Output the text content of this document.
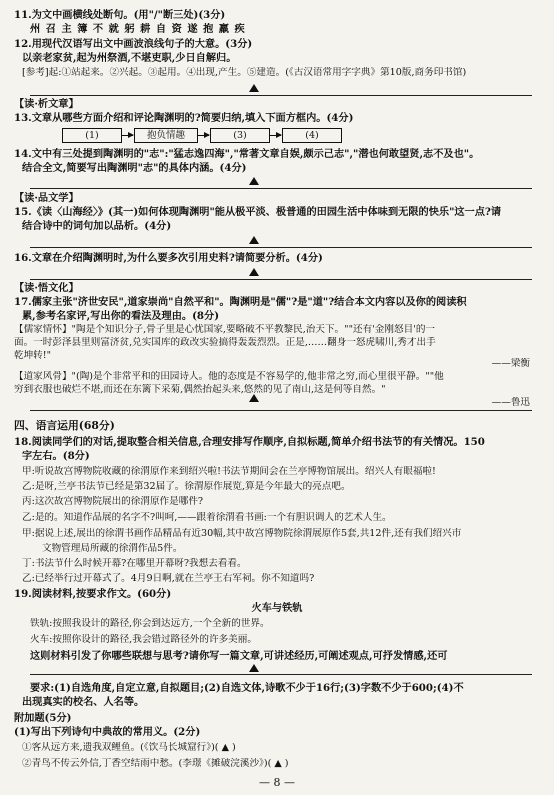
11.为文中画横线处断句。(用"/"断三处)(3分)
州 召 主 簿 不 就 躬 耕 自 资 遂 抱 羸 疾
12.用现代汉语写出文中画波浪线句子的大意。(3分)
以亲老家贫,起为州祭酒,不堪吏职,少日自解归。
[参考]起:①站起来。②兴起。③起用。④出现,产生。⑤建造。(《古汉语常用字字典》第10版,商务印书馆)
【读·析文章】
13.文章从哪些方面介绍和评论陶渊明的?简要归纳,填入下面方框内。(4分)
(1)	抱负情趣	(3)	(4)
14.文中有三处提到陶渊明的"志":"猛志逸四海","常著文章自娱,颇示己志","潜也何敢望贤,志不及也"。
结合全文,简要写出陶渊明"志"的具体内涵。(4分)
【读·品文学】
15.《读〈山海经〉》(其一)如何体现陶渊明"能从极平淡、极普通的田园生活中体味到无限的快乐"这一点?请
结合诗中的词句加以品析。(4分)
16.文章在介绍陶渊明时,为什么要多次引用史料?请简要分析。(4分)
【读·悟文化】
17.儒家主张"济世安民",道家崇尚"自然平和"。陶渊明是"儒"?是"道"?结合本文内容以及你的阅读积
累,参考名家评,写出你的看法及理由。(8分)
【儒家情怀】"陶是个知识分子,骨子里是心忧国家,要略破不平教黎民,治天下。""还有'金刚怒目'的一
面。一时彭泽县里则富济贫,兑实国库的政改实验搞得轰轰烈烈。正是,……翻身一怒虎啸川,秀才出手
乾坤转!"
——梁衡
【道家风骨】"(陶)是个非常平和的田园诗人。他的态度是不容易学的,他非常之穷,而心里很平静。""他
穷到衣服也破烂不堪,而还在东篱下采菊,偶然抬起头来,悠然的见了南山,这是何等自然。"
——鲁迅
四、语言运用(68分)
18.阅读同学们的对话,提取整合相关信息,合理安排写作顺序,自拟标题,简单介绍书法节的有关情况。150
字左右。(8分)
甲:听说故宫博物院收藏的徐渭原作来到绍兴啦!书法节期间会在兰亭博物馆展出。绍兴人有眼福啦!
乙:是呀,兰亭书法节已经是第32届了。徐渭原作展览,算是今年最大的亮点吧。
丙:这次故宫博物院展出的徐渭原作是哪件?
乙:是的。知道作品展的名字不?叫呵,——跟着徐渭看书画:一个有胆识调人的艺术人生。
甲:据说上述,展出的徐渭书画作品精品有近30幅,其中故宫博物院徐渭展原作5套,共12件,还有我们绍兴市
文物管理局所藏的徐渭作品5件。
丁:书法节什么时候开幕?在哪里开幕呀?我想去看看。
乙:已经举行过开幕式了。4月9日啊,就在兰亭王右军祠。你不知道吗?
19.阅读材料,按要求作文。(60分)
火车与铁轨
铁轨:按照我设计的路径,你会到达远方,一个全新的世界。
火车:按照你设计的路径,我会错过路径外的许多美丽。
这则材料引发了你哪些联想与思考?请你写一篇文章,可讲述经历,可阐述观点,可抒发情感,还可
要求:(1)自选角度,自定立意,自拟题目;(2)自选文体,诗歌不少于16行;(3)字数不少于600;(4)不
出现真实的校名、人名等。
附加题(5分)
(1)写出下列诗句中典故的常用义。(2分)
①客从远方来,遗我双鲤鱼。(《饮马长城窟行》)( ▲ )
②青鸟不传云外信,丁香空结雨中愁。(李璟《摊破浣溪沙》)( ▲ )
— 8 —
